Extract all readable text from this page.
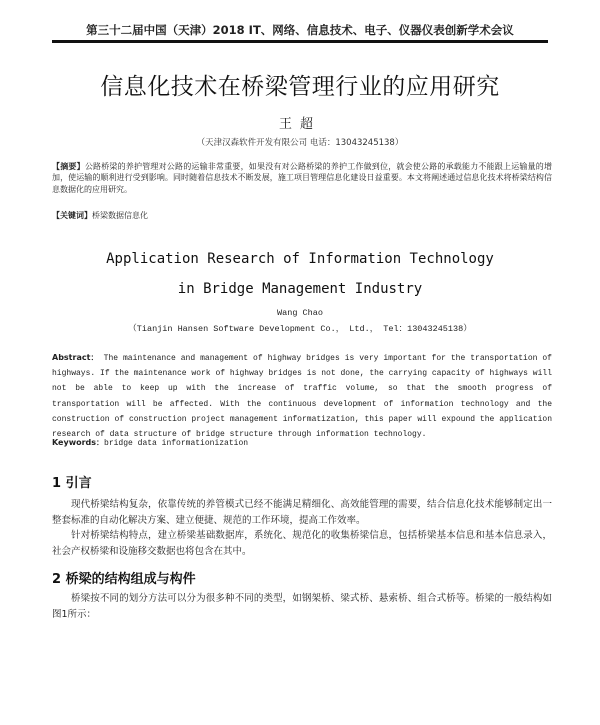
第三十二届中国（天津）2018 IT、网络、信息技术、电子、仪器仪表创新学术会议
信息化技术在桥梁管理行业的应用研究
王超
（天津汉森软件开发有限公司 电话：13043245138）
【摘要】公路桥梁的养护管理对公路的运输非常重要，如果没有对公路桥梁的养护工作做到位，就会使公路的承载能力不能跟上运输量的增加，使运输的顺利进行受到影响。同时随着信息技术不断发展，施工项目管理信息化建设日益重要。本文将阐述通过信息化技术将桥梁结构信息数据化的应用研究。
【关键词】桥梁数据信息化
Application Research of Information Technology
in Bridge Management Industry
Wang Chao
（Tianjin Hansen Software Development Co.， Ltd.， Tel：13043245138）
Abstract： The maintenance and management of highway bridges is very important for the transportation of highways. If the maintenance work of highway bridges is not done, the carrying capacity of highways will not be able to keep up with the increase of traffic volume, so that the smooth progress of transportation will be affected. With the continuous development of information technology and the construction of construction project management informatization, this paper will expound the application research of data structure of bridge structure through information technology.
Keywords：bridge data informationization
1 引言

现代桥梁结构复杂，依靠传统的养管模式已经不能满足精细化、高效能管理的需要，结合信息化技术能够制定出一整套标准的自动化解决方案、建立便捷、规范的工作环境，提高工作效率。

针对桥梁结构特点，建立桥梁基础数据库，系统化、规范化的收集桥梁信息，包括桥梁基本信息和基本信息录入，社会产权桥梁和设施移交数据也将包含在其中。

2 桥梁的结构组成与构件

桥梁按不同的划分方法可以分为很多种不同的类型，如钢架桥、梁式桥、悬索桥、组合式桥等。桥梁的一般结构如图1所示：
